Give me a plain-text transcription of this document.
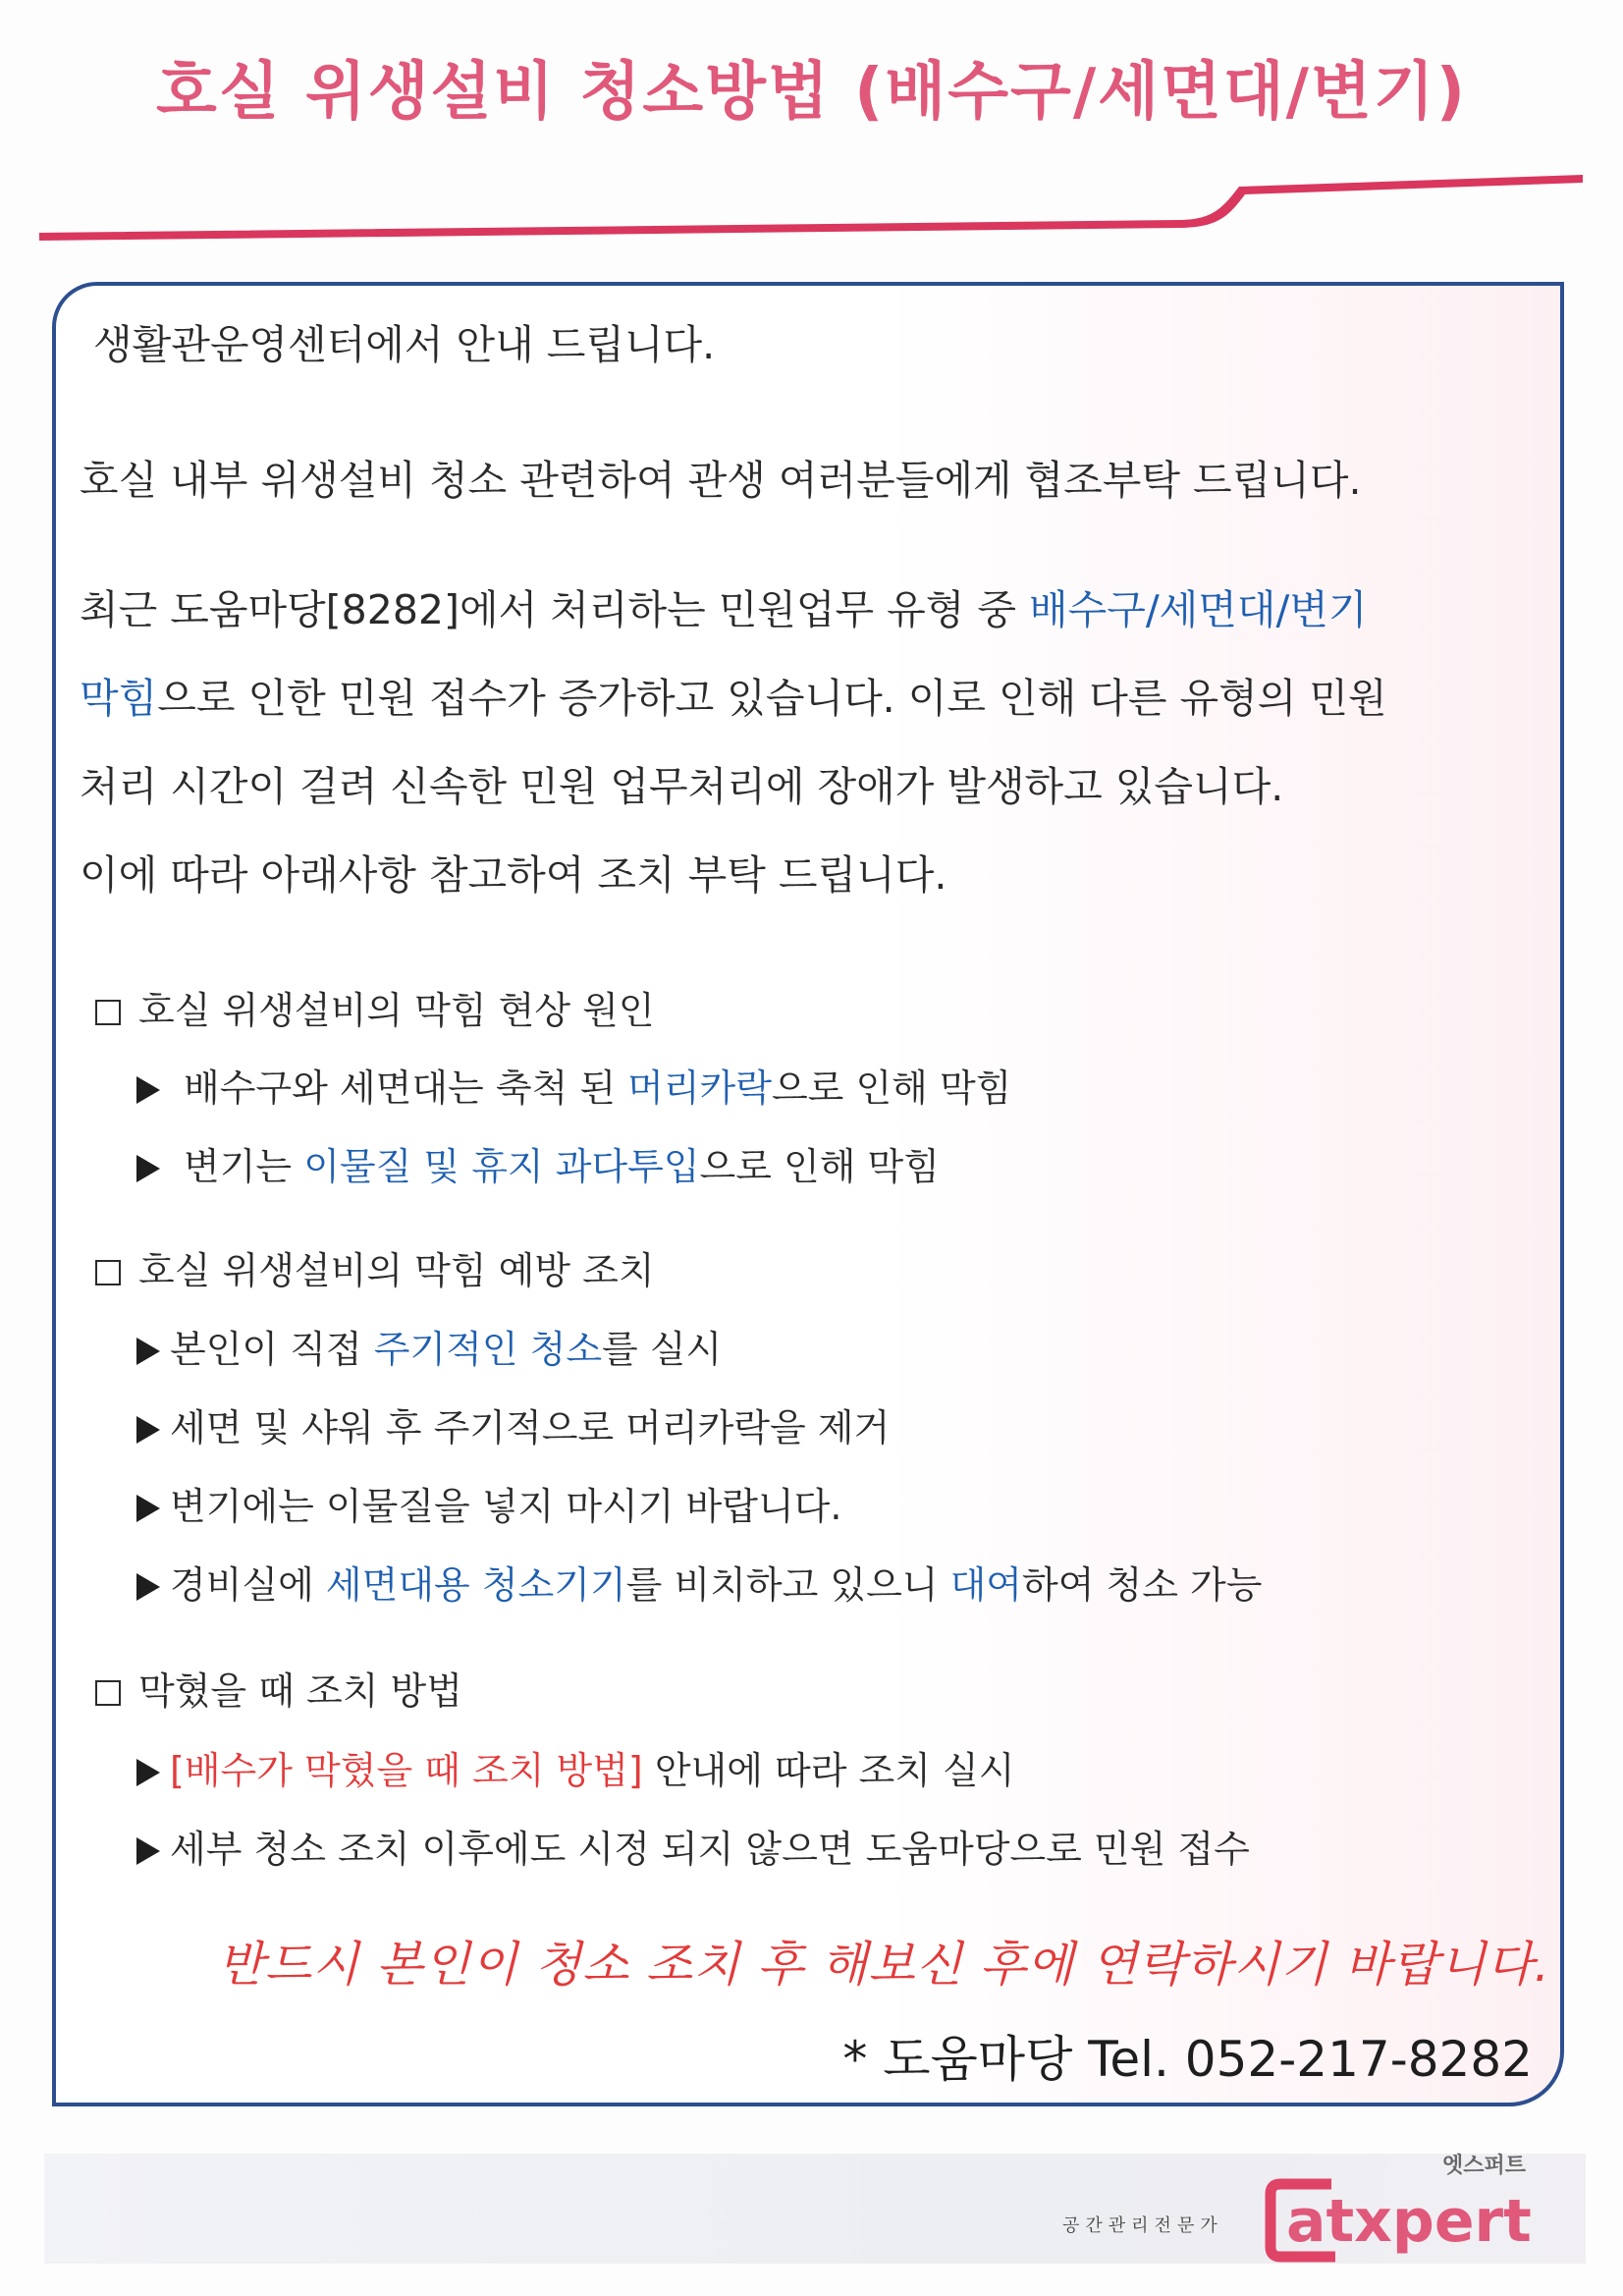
호실 위생설비 청소방법 (배수구/세면대/변기)
생활관운영센터에서 안내 드립니다.
호실 내부 위생설비 청소 관련하여 관생 여러분들에게 협조부탁 드립니다.
최근 도움마당[8282]에서 처리하는 민원업무 유형 중 배수구/세면대/변기
막힘으로 인한 민원 접수가 증가하고 있습니다. 이로 인해 다른 유형의 민원
처리 시간이 걸려 신속한 민원 업무처리에 장애가 발생하고 있습니다.
이에 따라 아래사항 참고하여 조치 부탁 드립니다.
호실 위생설비의 막힘 현상 원인
배수구와 세면대는 축척 된 머리카락으로 인해 막힘
변기는 이물질 및 휴지 과다투입으로 인해 막힘
호실 위생설비의 막힘 예방 조치
본인이 직접 주기적인 청소를 실시
세면 및 샤워 후 주기적으로 머리카락을 제거
변기에는 이물질을 넣지 마시기 바랍니다.
경비실에 세면대용 청소기기를 비치하고 있으니 대여하여 청소 가능
막혔을 때 조치 방법
[배수가 막혔을 때 조치 방법] 안내에 따라 조치 실시
세부 청소 조치 이후에도 시정 되지 않으면 도움마당으로 민원 접수
반드시 본인이 청소 조치 후 해보신 후에 연락하시기 바랍니다.
* 도움마당 Tel. 052-217-8282
공간관리전문가
엣스퍼트
atxpert
